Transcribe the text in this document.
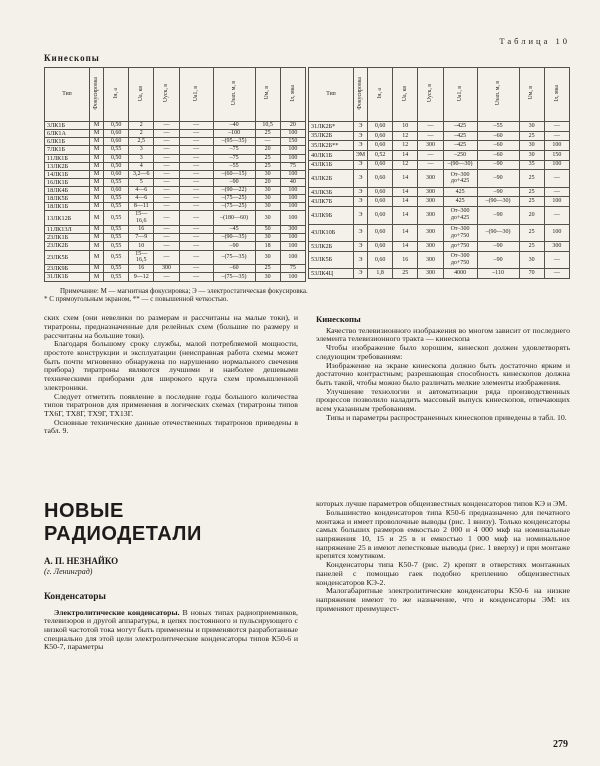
Таблица 10
Кинескопы
Тип	Фокусировка	Iн, а	Uа, кв	Uуск, в	Uа1, в	Uзап. м, в	Uм, в	Iл, мка
3ЛК1Б	М	0,50	2	—	—	–40	10,5	20
6ЛК1А	М	0,60	2	—	—	–100	25	100
6ЛК1Б	М	0,60	2,5	—	—	–(95—35)	—	150
7ЛК1Б	М	0,55	3	—	—	–75	20	100
11ЛК1Б	М	0,50	3	—	—	–75	25	100
13ЛК2Б	М	0,50	4	—	—	–55	25	75
14ЛК1Б	М	0,60	3,2—6	—	—	–(60—15)	30	100
16ЛК1Б	М	0,55	5	—	—	–90	20	40
18ЛК4Б	М	0,60	4—6	—	—	–(90—22)	30	100
18ЛК5Б	М	0,55	4—6	—	—	–(75—25)	30	100
18ЛК1Б	М	0,55	8—11	—	—	–(75—25)	30	100
13ЛК12Б	М	0,55	15—16,6	—	—	–(180—60)	30	100
11ЛК13Л	М	0,55	16	—	—	–45	50	300
23ЛК1Б	М	0,55	7—9	—	—	–(90—35)	30	100
23ЛК2Б	М	0,55	10	—	—	–90	18	100
23ЛК5Б	М	0,55	15—16,5	—	—	–(75—35)	30	100
23ЛК9Б	М	0,55	16	300	—	–60	25	75
31ЛК1Б	М	0,55	9—12	—	—	–(75—35)	30	100
Тип	Фокусировка	Iн, а	Uа, кв	Uуск, в	Uа1, в	Uзап. м, в	Uм, в	Iл, мка
31ЛК2Б*	Э	0,60	10	—	–425	–55	30	—
35ЛК2Б	Э	0,60	12	—	–425	–60	25	—
35ЛК2Б**	Э	0,60	12	300	–425	–60	30	100
40ЛК1Б	ЭМ	0,52	14	—	–250	–60	30	150
43ЛК1Б	Э	0,60	12	—	–(90—30)	–90	35	100
43ЛК2Б	Э	0,60	14	300	От–300 до+425	–90	25	—
43ЛК3Б	Э	0,60	14	300	425	–90	25	—
43ЛК7Б	Э	0,60	14	300	425	–(90—30)	25	100
43ЛК9Б	Э	0,60	14	300	От–300 до+425	–90	20	—
43ЛК10Б	Э	0,60	14	300	От–300 до+750	–(90—30)	25	100
53ЛК2Б	Э	0,60	14	300	до+750	–90	25	300
53ЛК5Б	Э	0,60	16	300	От–300 до+750	–90	30	—
53ЛК4Ц	Э	1,8	25	300	4000	–110	70	—

Примечание: М — магнитная фокусировка; Э — электростатическая фокусировка.

* С прямоугольным экраном, ** — с повышенной четкостью.

ских схем (они невелики по размерам и рассчитаны на малые токи), и тиратроны, предназначенные для релейных схем (большие по размеру и рассчитаны на большие токи).

Благодаря большому сроку службы, малой потребляемой мощности, простоте конструкции и эксплуатации (неисправная работа схемы может быть почти мгновенно обнаружена по нарушению нормального свечения прибора) тиратроны являются лучшими и наиболее дешевыми техническими приборами для широкого круга схем промышленной электроники.

Следует отметить появление в последние годы большого количества типов тиратронов для применения в логических схемах (тиратроны типов ТХ6Г, ТХ8Г, ТХ9Г, ТХ13Г.

Основные технические данные отечественных тиратронов приведены в табл. 9.

Кинескопы

Качество телевизионного изображения во многом зависит от последнего элемента телевизионного тракта — кинескопа

Чтобы изображение было хорошим, кинескоп должен удовлетворять следующим требованиям:

Изображение на экране кинескопа должно быть достаточно ярким и достаточно контрастным; разрешающая способность кинескопов должна быть такой, чтобы можно было различать мелкие элементы изображения.

Улучшение технологии и автоматизации ряда производственных процессов позволило наладить массовый выпуск кинескопов, отвечающих всем указанным требованиям.

Типы и параметры распространенных кинескопов приведены в табл. 10.

НОВЫЕ
РАДИОДЕТАЛИ
А. П. НЕЗНАЙКО
(г. Ленинград)
Конденсаторы

Электролитические конденсаторы. В новых типах радиоприемников, телевизоров и другой аппаратуры, в цепях постоянного и пульсирующего с низкой частотой тока могут быть применены и применяются разработанные специально для этой цели электролитические конденсаторы типов К50-6 и К50-7, параметры

которых лучше параметров общеизвестных конденсаторов типов КЭ и ЭМ.

Большинство конденсаторов типа К50-6 предназначено для печатного монтажа и имеет проволочные выводы (рис. 1 внизу). Только конденсаторы самых больших размеров емкостью 2 000 и 4 000 мкф на номинальные напряжения 10, 15 и 25 в и емкостью 1 000 мкф на номинальное напряжение 25 в имеют лепестковые выводы (рис. 1 вверху) и при монтаже крепятся хомутиком.

Конденсаторы типа К50-7 (рис. 2) крепят в отверстиях монтажных панелей с помощью гаек подобно креплению общеизвестных конденсаторов КЭ-2.

Малогабаритные электролитические конденсаторы К50-6 на низкие напряжения имеют то же назначение, что и конденсаторы ЭМ: их применяют преимущест-

279
